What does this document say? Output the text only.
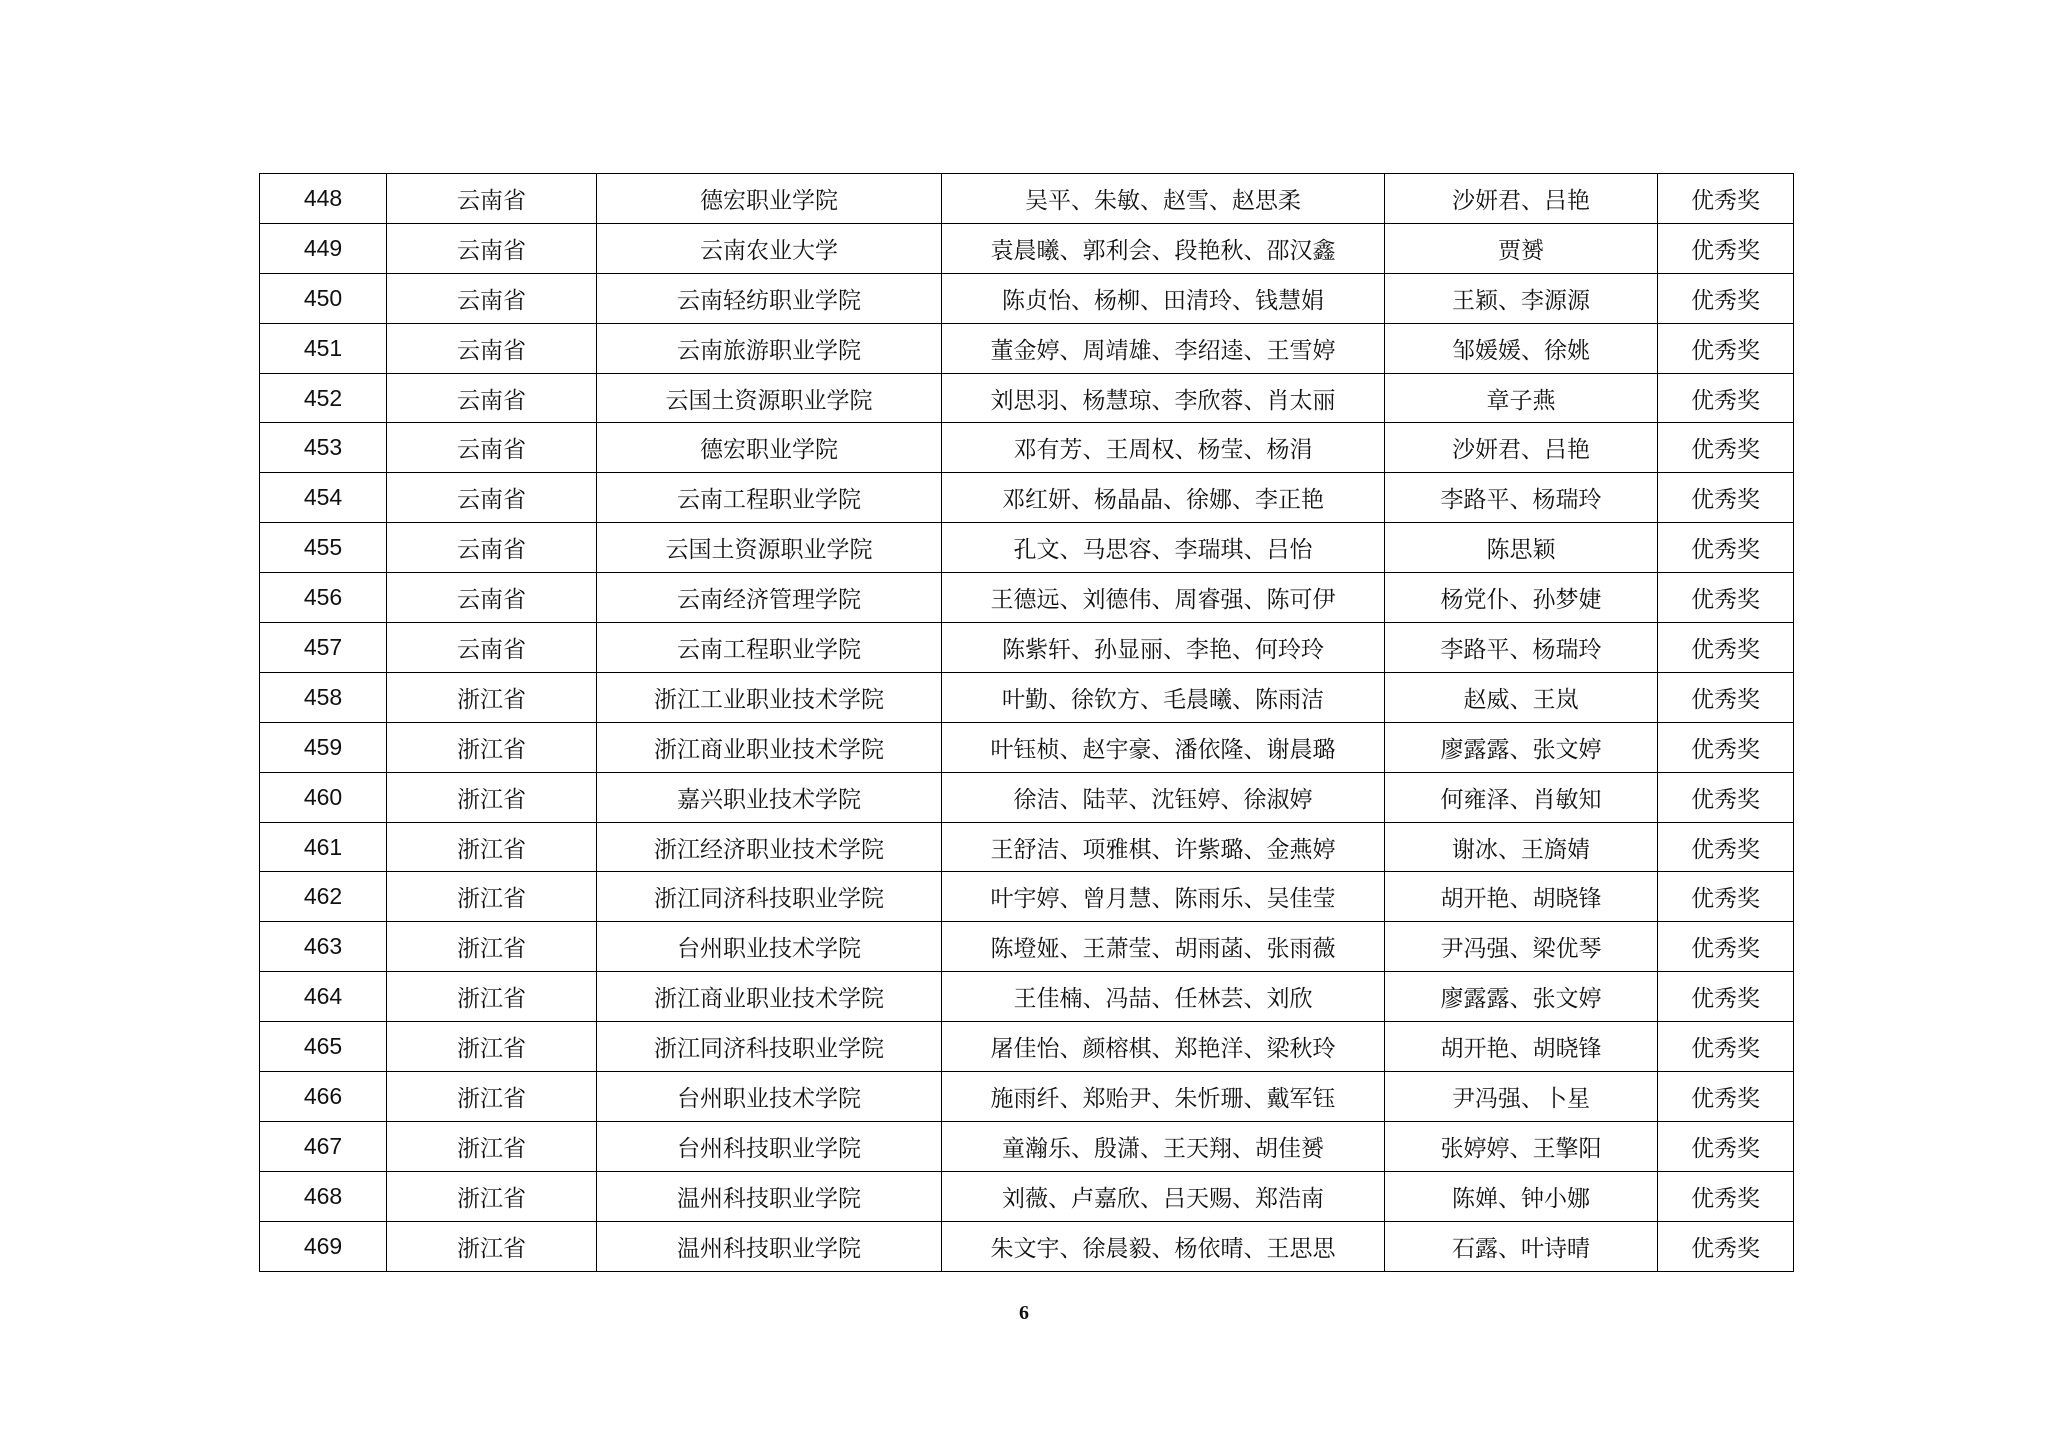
448	云南省	德宏职业学院	吴平、朱敏、赵雪、赵思柔	沙妍君、吕艳	优秀奖
449	云南省	云南农业大学	袁晨曦、郭利会、段艳秋、邵汉鑫	贾赟	优秀奖
450	云南省	云南轻纺职业学院	陈贞怡、杨柳、田清玲、钱慧娟	王颖、李源源	优秀奖
451	云南省	云南旅游职业学院	董金婷、周靖雄、李绍逵、王雪婷	邹媛媛、徐姚	优秀奖
452	云南省	云国土资源职业学院	刘思羽、杨慧琼、李欣蓉、肖太丽	章子燕	优秀奖
453	云南省	德宏职业学院	邓有芳、王周权、杨莹、杨涓	沙妍君、吕艳	优秀奖
454	云南省	云南工程职业学院	邓红妍、杨晶晶、徐娜、李正艳	李路平、杨瑞玲	优秀奖
455	云南省	云国土资源职业学院	孔文、马思容、李瑞琪、吕怡	陈思颖	优秀奖
456	云南省	云南经济管理学院	王德远、刘德伟、周睿强、陈可伊	杨党仆、孙梦婕	优秀奖
457	云南省	云南工程职业学院	陈紫轩、孙显丽、李艳、何玲玲	李路平、杨瑞玲	优秀奖
458	浙江省	浙江工业职业技术学院	叶勤、徐钦方、毛晨曦、陈雨洁	赵威、王岚	优秀奖
459	浙江省	浙江商业职业技术学院	叶钰桢、赵宇豪、潘依隆、谢晨璐	廖露露、张文婷	优秀奖
460	浙江省	嘉兴职业技术学院	徐洁、陆苹、沈钰婷、徐淑婷	何雍泽、肖敏知	优秀奖
461	浙江省	浙江经济职业技术学院	王舒洁、项雅棋、许紫璐、金燕婷	谢冰、王旖婧	优秀奖
462	浙江省	浙江同济科技职业学院	叶宇婷、曾月慧、陈雨乐、吴佳莹	胡开艳、胡晓锋	优秀奖
463	浙江省	台州职业技术学院	陈墱娅、王萧莹、胡雨菡、张雨薇	尹冯强、梁优琴	优秀奖
464	浙江省	浙江商业职业技术学院	王佳楠、冯喆、任林芸、刘欣	廖露露、张文婷	优秀奖
465	浙江省	浙江同济科技职业学院	屠佳怡、颜榕棋、郑艳洋、梁秋玲	胡开艳、胡晓锋	优秀奖
466	浙江省	台州职业技术学院	施雨纤、郑贻尹、朱忻珊、戴军钰	尹冯强、卜星	优秀奖
467	浙江省	台州科技职业学院	童瀚乐、殷潇、王天翔、胡佳赟	张婷婷、王擎阳	优秀奖
468	浙江省	温州科技职业学院	刘薇、卢嘉欣、吕天赐、郑浩南	陈婵、钟小娜	优秀奖
469	浙江省	温州科技职业学院	朱文宇、徐晨毅、杨依晴、王思思	石露、叶诗晴	优秀奖
6
